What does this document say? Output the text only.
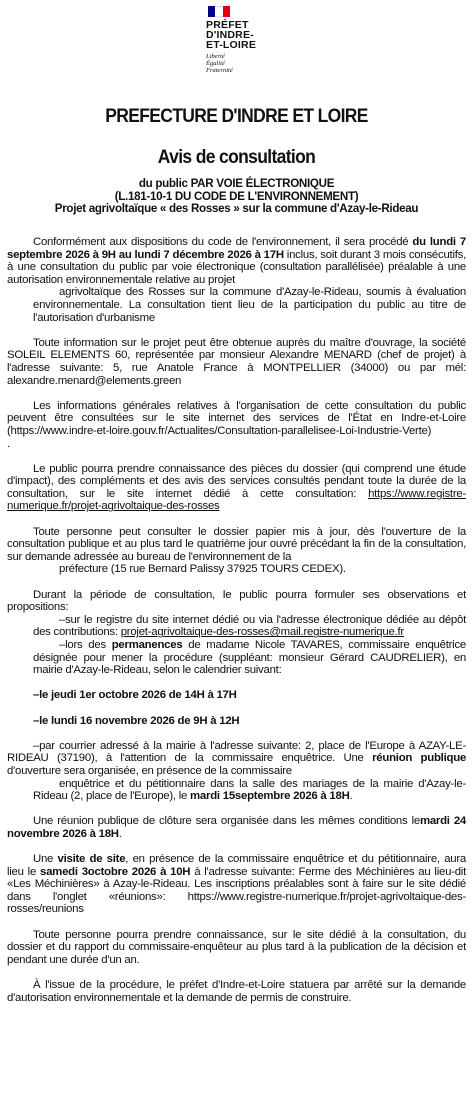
PRÉFET
D'INDRE-
ET-LOIRE
Liberté
Égalité
Fraternité
PREFECTURE D'INDRE ET LOIRE
Avis de consultation
du public PAR VOIE ÉLECTRONIQUE
(L.181-10-1 DU CODE DE L'ENVIRONNEMENT)
Projet agrivoltaïque « des Rosses » sur la commune d'Azay-le-Rideau

Conformément aux dispositions du code de l'environnement, il sera procédé du lundi 7 septembre 2026 à 9H au lundi 7 décembre 2026 à 17H inclus, soit durant 3 mois consécutifs, à une consultation du public par voie électronique (consultation parallélisée) préalable à une autorisation environnementale relative au projet
agrivoltaïque des Rosses sur la commune d'Azay-le-Rideau, soumis à évaluation environnementale. La consultation tient lieu de la participation du public au titre de l'autorisation d'urbanisme

Toute information sur le projet peut être obtenue auprès du maître d'ouvrage, la société SOLEIL ELEMENTS 60, représentée par monsieur Alexandre MENARD (chef de projet) à l'adresse suivante: 5, rue Anatole France à MONTPELLIER (34000) ou par mél: alexandre.menard@elements.green

Les informations générales relatives à l'organisation de cette consultation du public peuvent être consultées sur le site internet des services de l'État en Indre-et-Loire (https://www.indre-et-loire.gouv.fr/Actualites/Consultation-parallelisee-Loi-Industrie-Verte)
.

Le public pourra prendre connaissance des pièces du dossier (qui comprend une étude d'impact), des compléments et des avis des services consultés pendant toute la durée de la consultation, sur le site internet dédié à cette consultation: https://www.registre-numerique.fr/projet-agrivoltaique-des-rosses

Toute personne peut consulter le dossier papier mis à jour, dès l'ouverture de la consultation publique et au plus tard le quatrième jour ouvré précédant la fin de la consultation, sur demande adressée au bureau de l'environnement de la
préfecture (15 rue Bernard Palissy 37925 TOURS CEDEX).

Durant la période de consultation, le public pourra formuler ses observations et propositions:
–sur le registre du site internet dédié ou via l'adresse électronique dédiée au dépôt des contributions: projet-agrivoltaique-des-rosses@mail.registre-numerique.fr
–lors des permanences de madame Nicole TAVARES, commissaire enquêtrice désignée pour mener la procédure (suppléant: monsieur Gérard CAUDRELIER), en mairie d'Azay-le-Rideau, selon le calendrier suivant:

–le jeudi 1er octobre 2026 de 14H à 17H

–le lundi 16 novembre 2026 de 9H à 12H

–par courrier adressé à la mairie à l'adresse suivante: 2, place de l'Europe à AZAY-LE-RIDEAU (37190), à l'attention de la commissaire enquêtrice. Une réunion publique d'ouverture sera organisée, en présence de la commissaire
enquêtrice et du pétitionnaire dans la salle des mariages de la mairie d'Azay-le-Rideau (2, place de l'Europe), le mardi 15septembre 2026 à 18H.

Une réunion publique de clôture sera organisée dans les mêmes conditions lemardi 24 novembre 2026 à 18H.

Une visite de site, en présence de la commissaire enquêtrice et du pétitionnaire, aura lieu le samedi 3octobre 2026 à 10H à l'adresse suivante: Ferme des Méchinières au lieu-dit «Les Méchinières» à Azay-le-Rideau. Les inscriptions préalables sont à faire sur le site dédié dans l'onglet «réunions»: https://www.registre-numerique.fr/projet-agrivoltaique-des-rosses/reunions

Toute personne pourra prendre connaissance, sur le site dédié à la consultation, du dossier et du rapport du commissaire-enquêteur au plus tard à la publication de la décision et pendant une durée d'un an.

À l'issue de la procédure, le préfet d'Indre-et-Loire statuera par arrêté sur la demande d'autorisation environnementale et la demande de permis de construire.
